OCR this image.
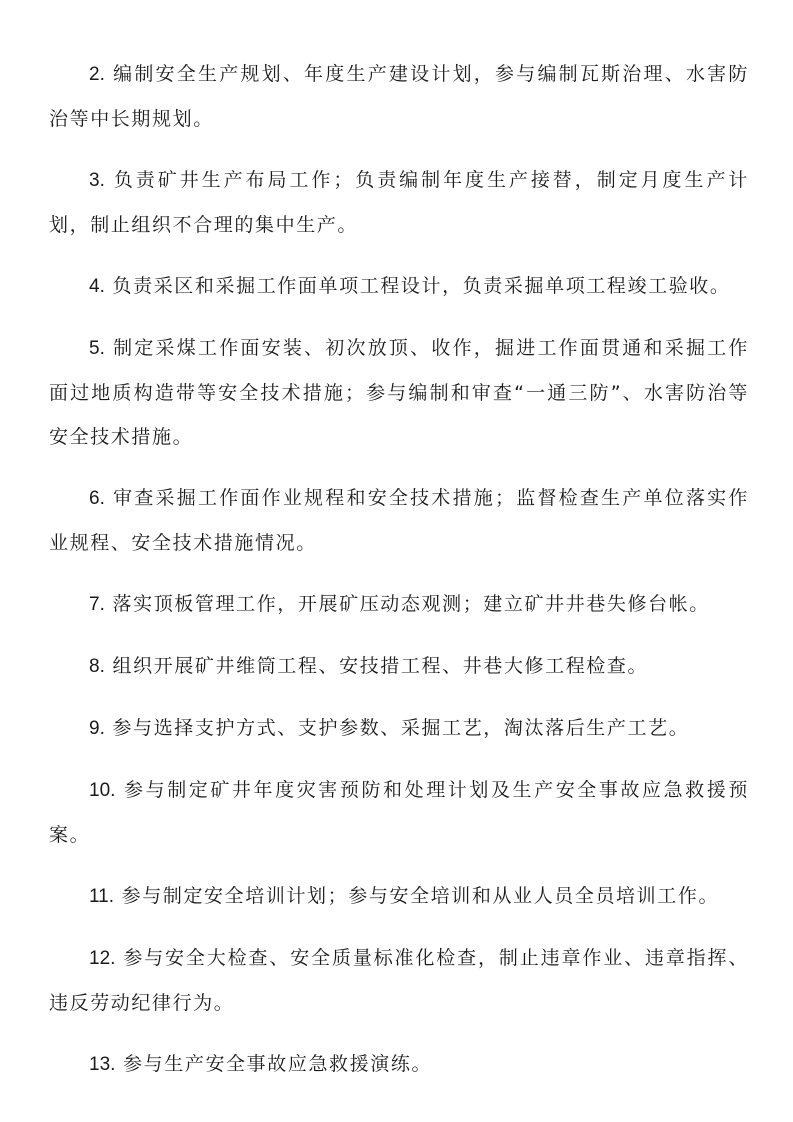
2. 编制安全生产规划、年度生产建设计划，参与编制瓦斯治理、水害防治等中长期规划。

3. 负责矿井生产布局工作；负责编制年度生产接替，制定月度生产计划，制止组织不合理的集中生产。

4. 负责采区和采掘工作面单项工程设计，负责采掘单项工程竣工验收。

5. 制定采煤工作面安装、初次放顶、收作，掘进工作面贯通和采掘工作面过地质构造带等安全技术措施；参与编制和审查“一通三防”、水害防治等安全技术措施。

6. 审查采掘工作面作业规程和安全技术措施；监督检查生产单位落实作业规程、安全技术措施情况。

7. 落实顶板管理工作，开展矿压动态观测；建立矿井井巷失修台帐。

8. 组织开展矿井维筒工程、安技措工程、井巷大修工程检查。

9. 参与选择支护方式、支护参数、采掘工艺，淘汰落后生产工艺。

10. 参与制定矿井年度灾害预防和处理计划及生产安全事故应急救援预案。

11. 参与制定安全培训计划；参与安全培训和从业人员全员培训工作。

12. 参与安全大检查、安全质量标准化检查，制止违章作业、违章指挥、违反劳动纪律行为。

13. 参与生产安全事故应急救援演练。
